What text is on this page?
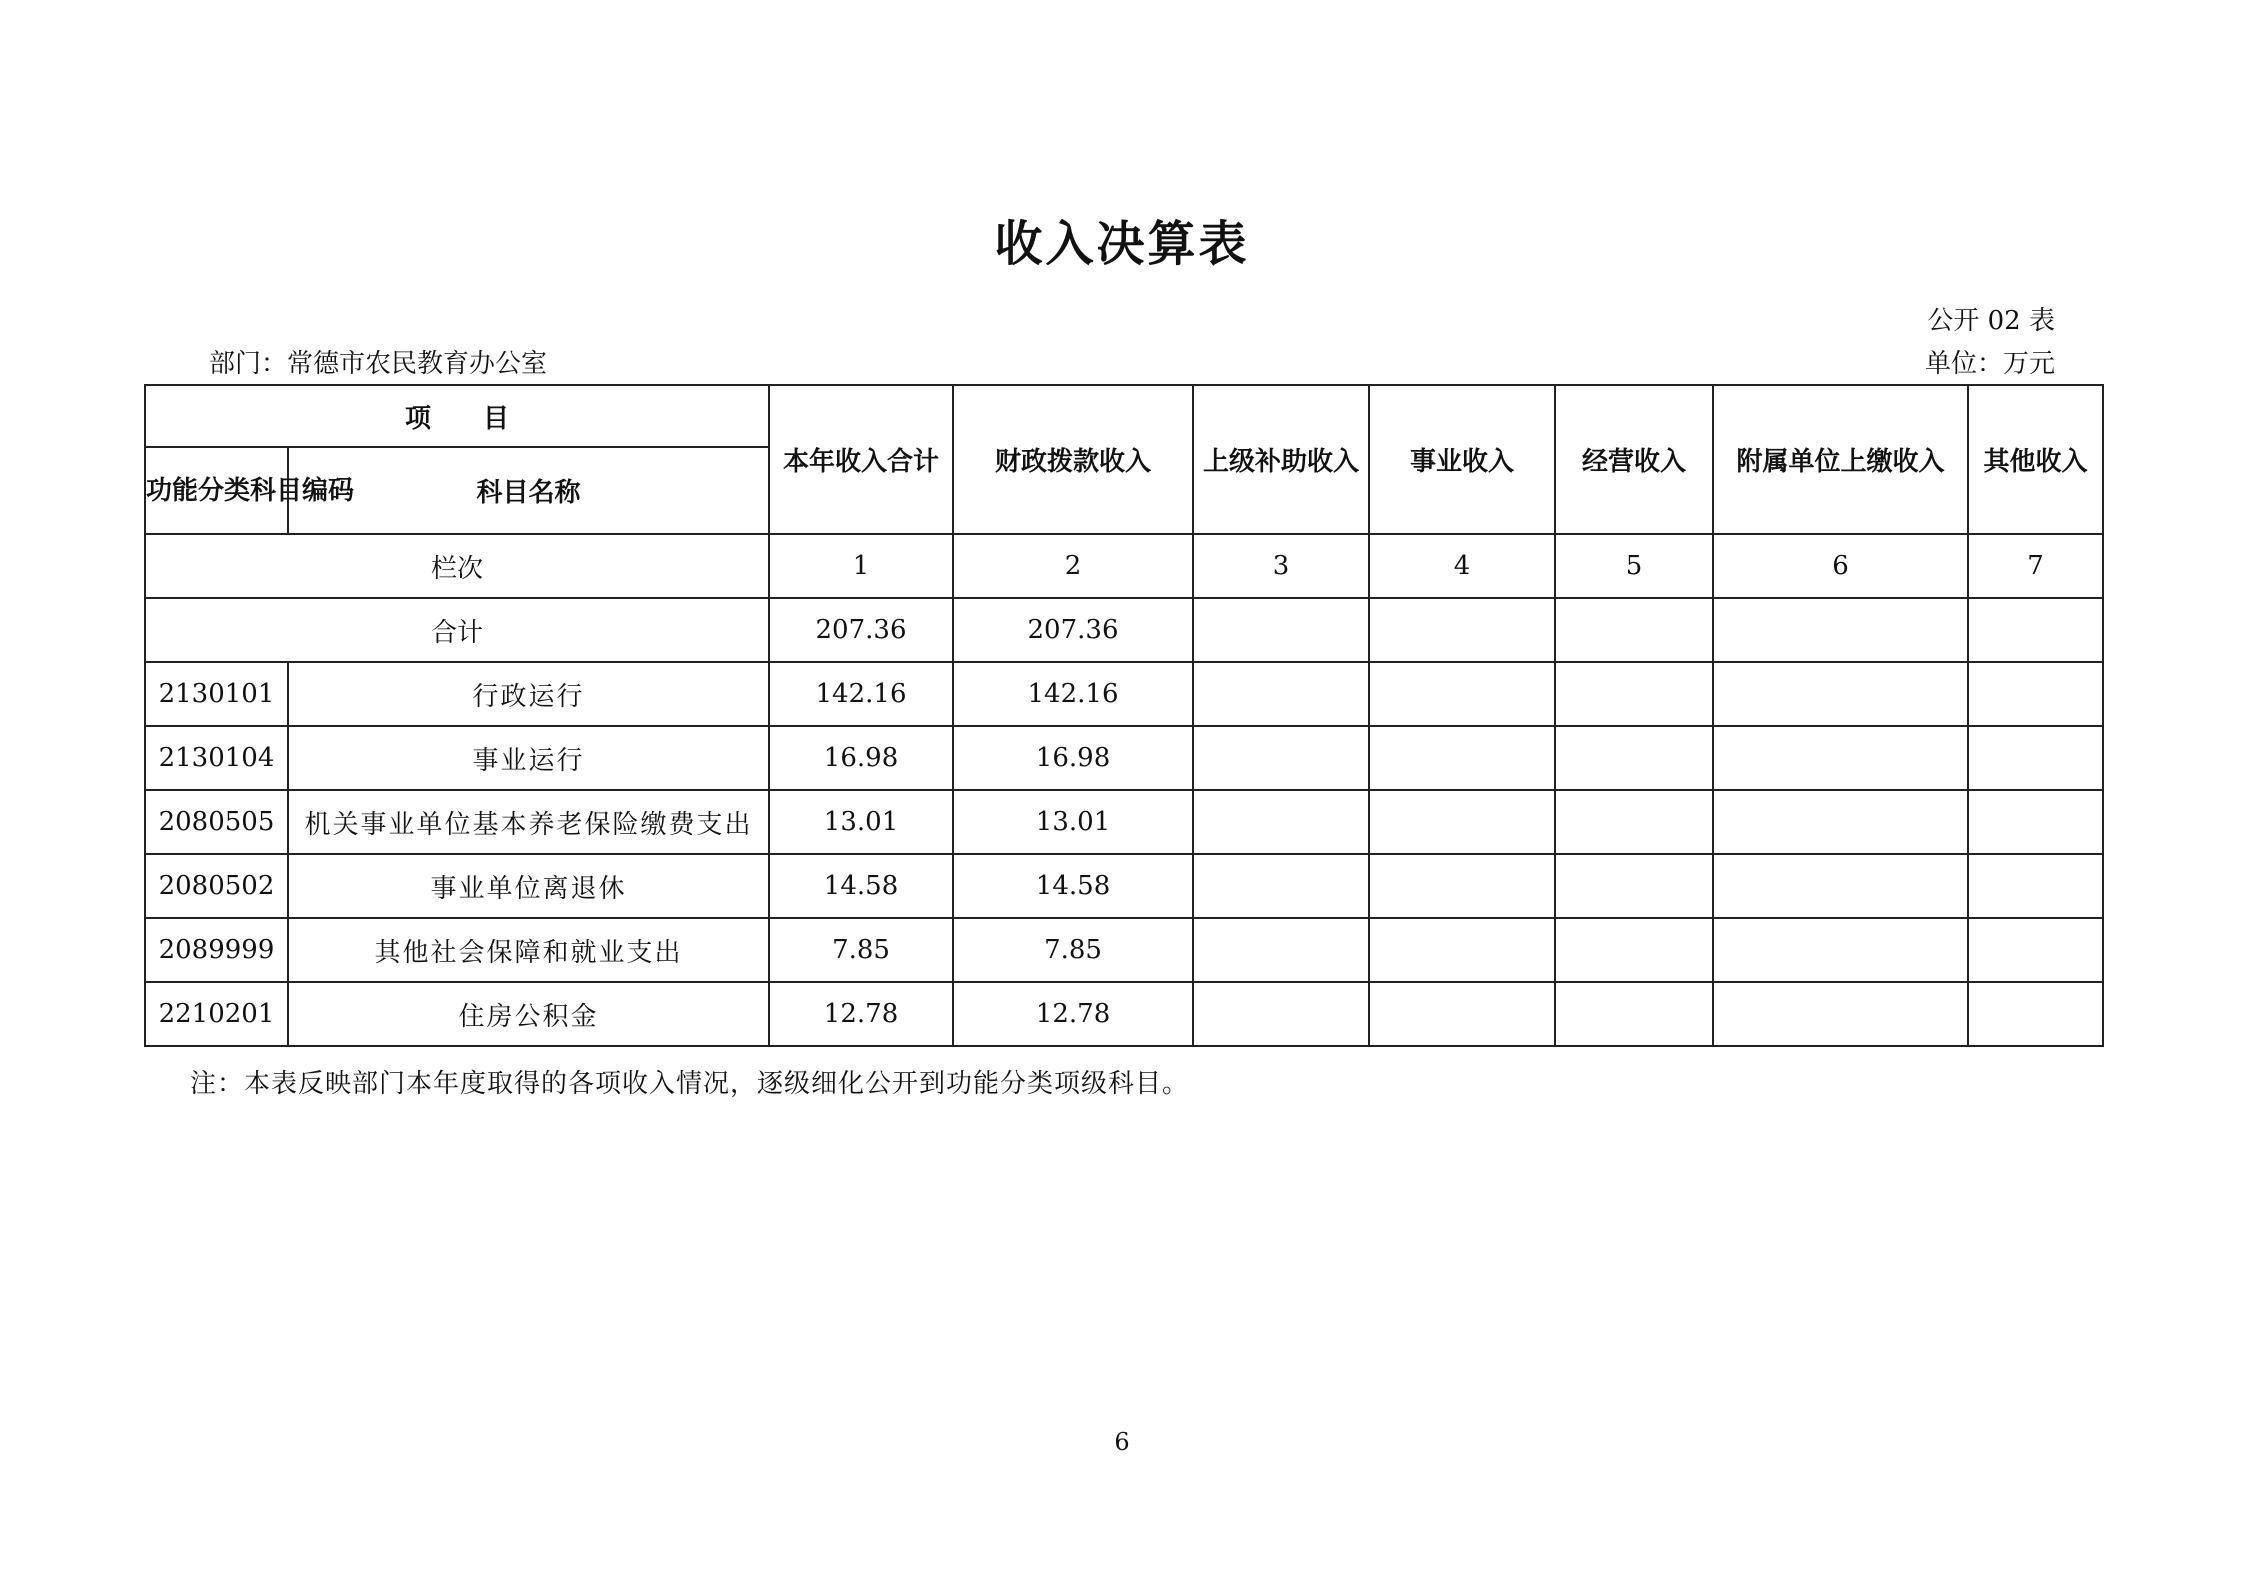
收入决算表
公开 02 表
部门：常德市农民教育办公室	单位：万元
项　　目		本年收入合计	财政拨款收入	上级补助收入	事业收入	经营收入	附属单位上缴收入	其他收入
功能分类科目编码	科目名称							
栏次		1	2	3	4	5	6	7
合计		207.36	207.36					
2130101	行政运行	142.16	142.16					
2130104	事业运行	16.98	16.98					
2080505	机关事业单位基本养老保险缴费支出	13.01	13.01					
2080502	事业单位离退休	14.58	14.58					
2089999	其他社会保障和就业支出	7.85	7.85					
2210201	住房公积金	12.78	12.78					
注：本表反映部门本年度取得的各项收入情况，逐级细化公开到功能分类项级科目。
6
